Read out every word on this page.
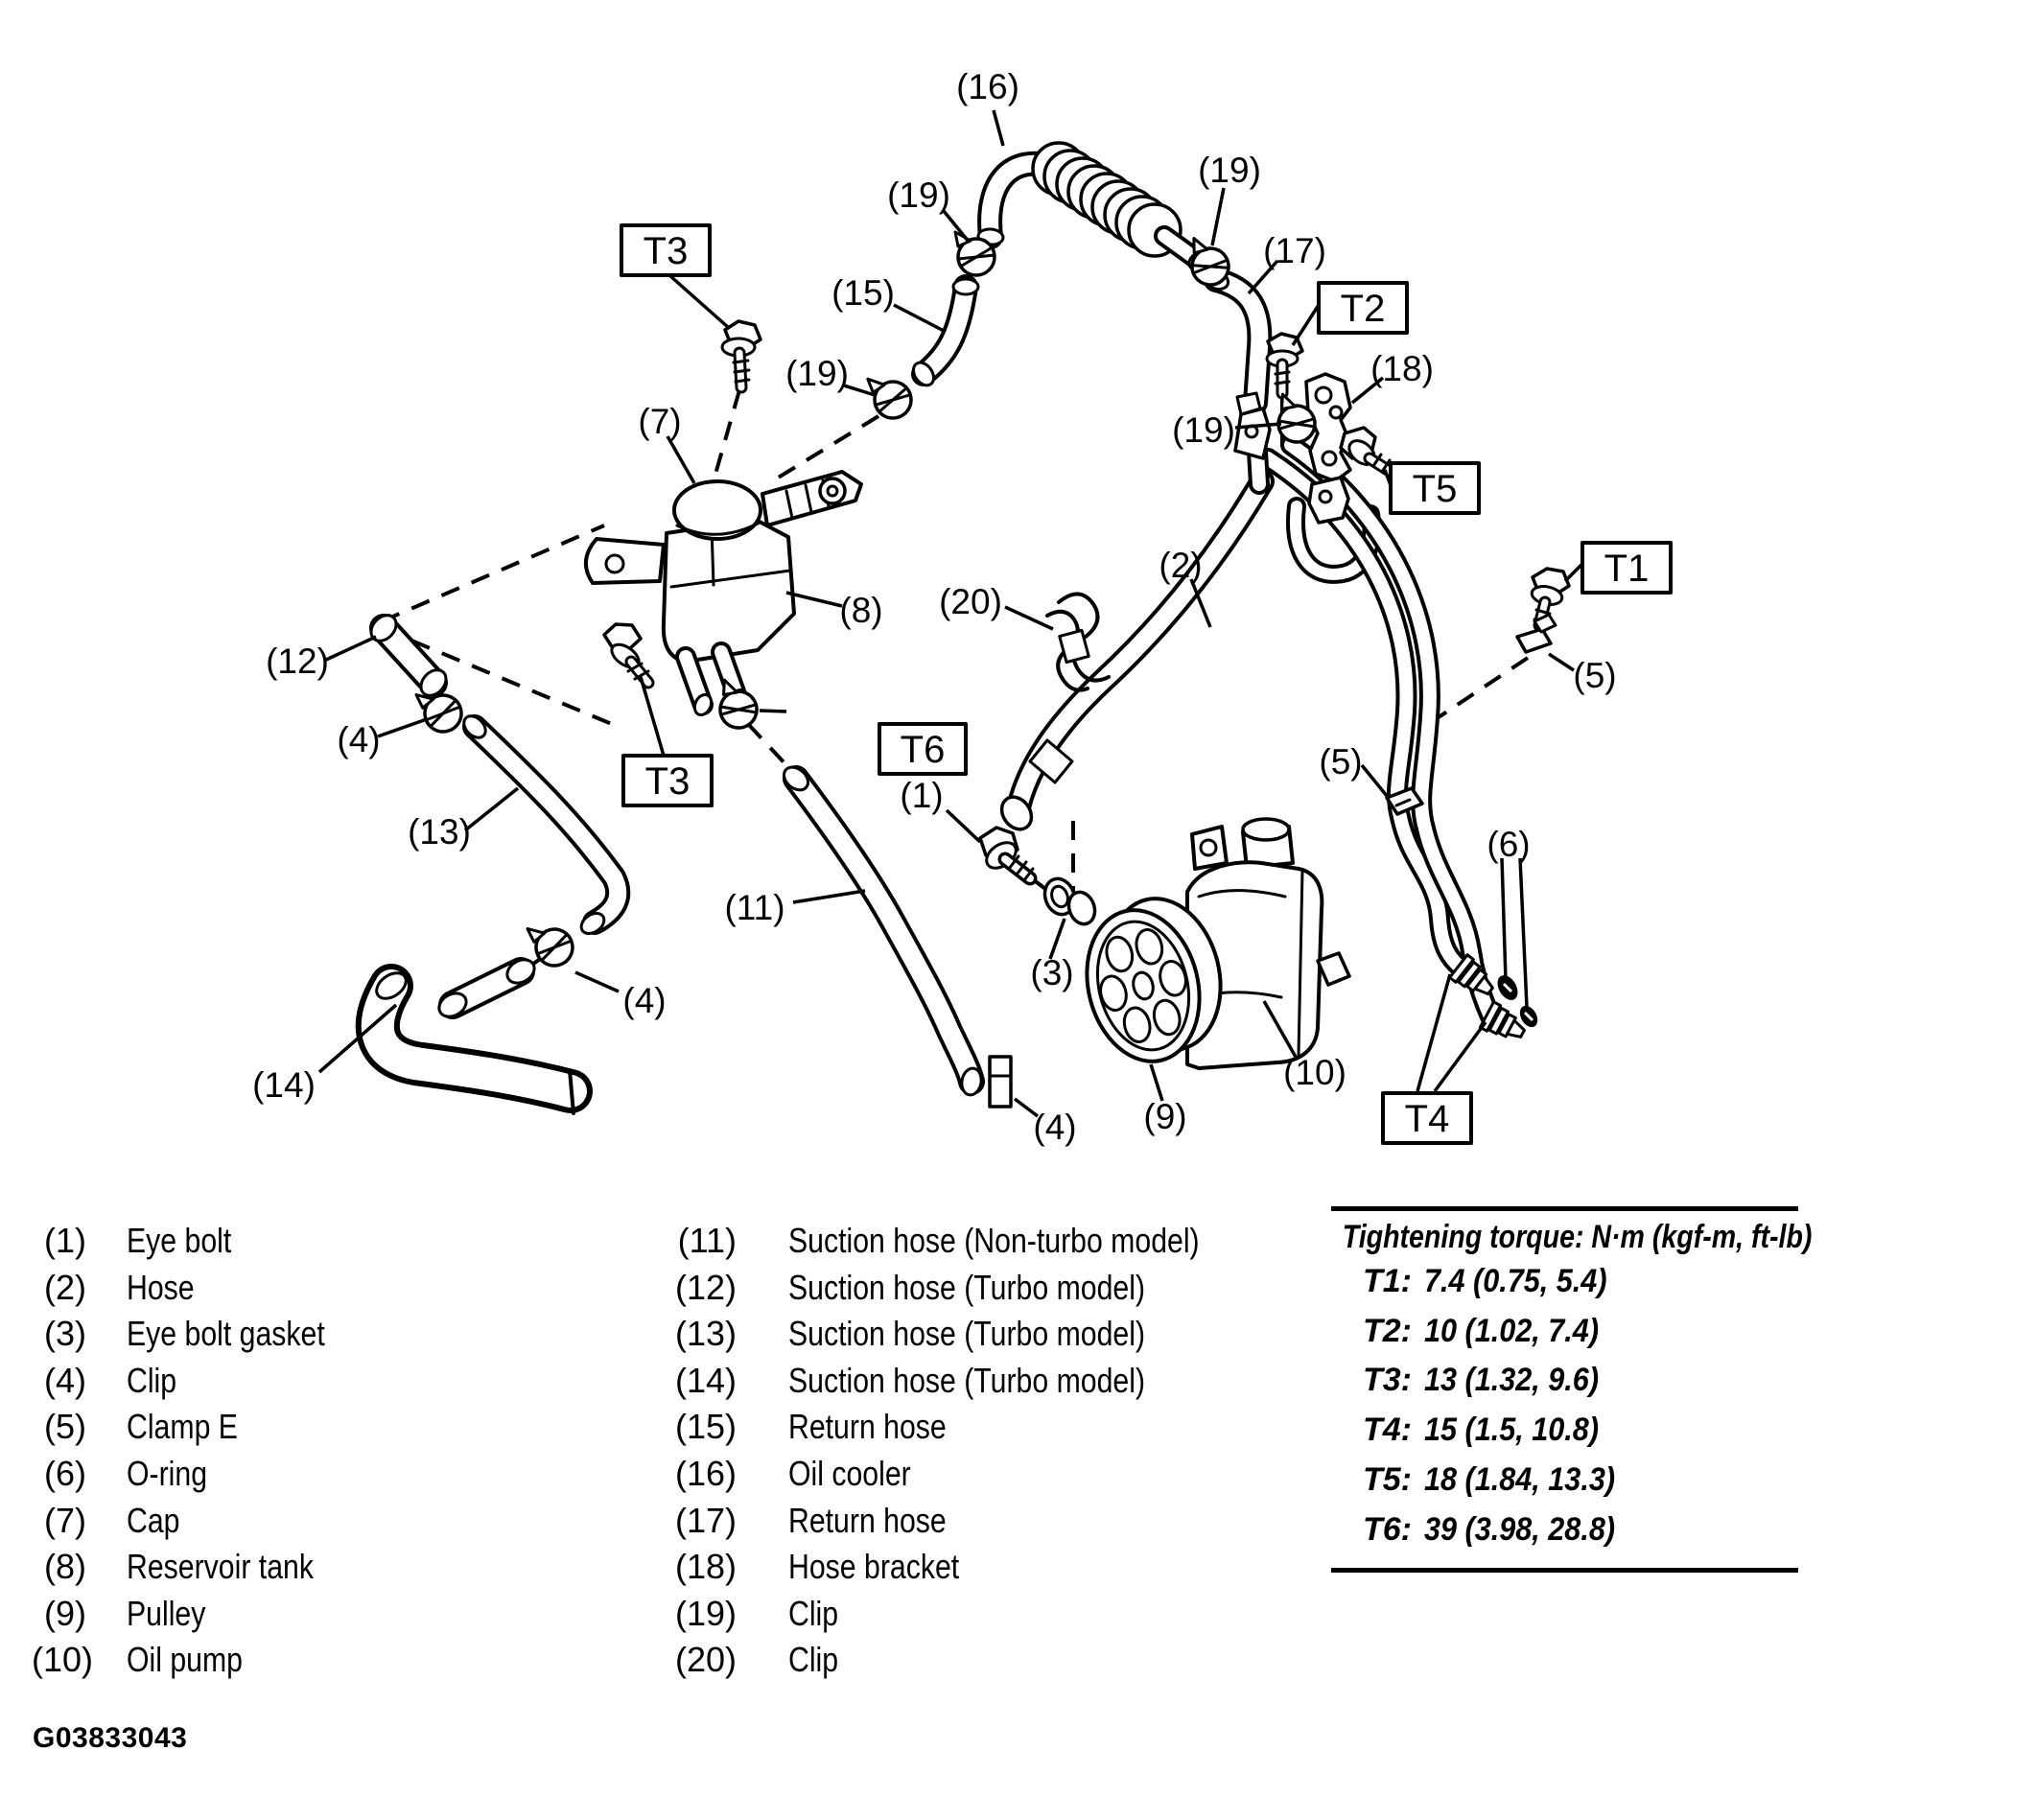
T3
T2
T5
T1
T3
T6
T4
(16)
(19)
(15)
(19)
(7)
(8)
(12)
(4)
(13)
(4)
(14)
(11)
(4) (9)
(3)
(10)
(1)
(20)
(2)
(19)
(17)
(19)
(18)
(5)
(5)
(6)
(1) Eye bolt
(2) Hose
(3) Eye bolt gasket
(4) Clip
(5) Clamp E
(6) O-ring
(7) Cap
(8) Reservoir tank
(9) Pulley
(10) Oil pump
(11) Suction hose (Non-turbo model)
(12) Suction hose (Turbo model)
(13) Suction hose (Turbo model)
(14) Suction hose (Turbo model)
(15) Return hose
(16) Oil cooler
(17) Return hose
(18) Hose bracket
(19) Clip
(20) Clip
Tightening torque: N·m (kgf-m, ft-lb)
T1: 7.4 (0.75, 5.4)
T2: 10 (1.02, 7.4)
T3: 13 (1.32, 9.6)
T4: 15 (1.5, 10.8)
T5: 18 (1.84, 13.3)
T6: 39 (3.98, 28.8)
G03833043
